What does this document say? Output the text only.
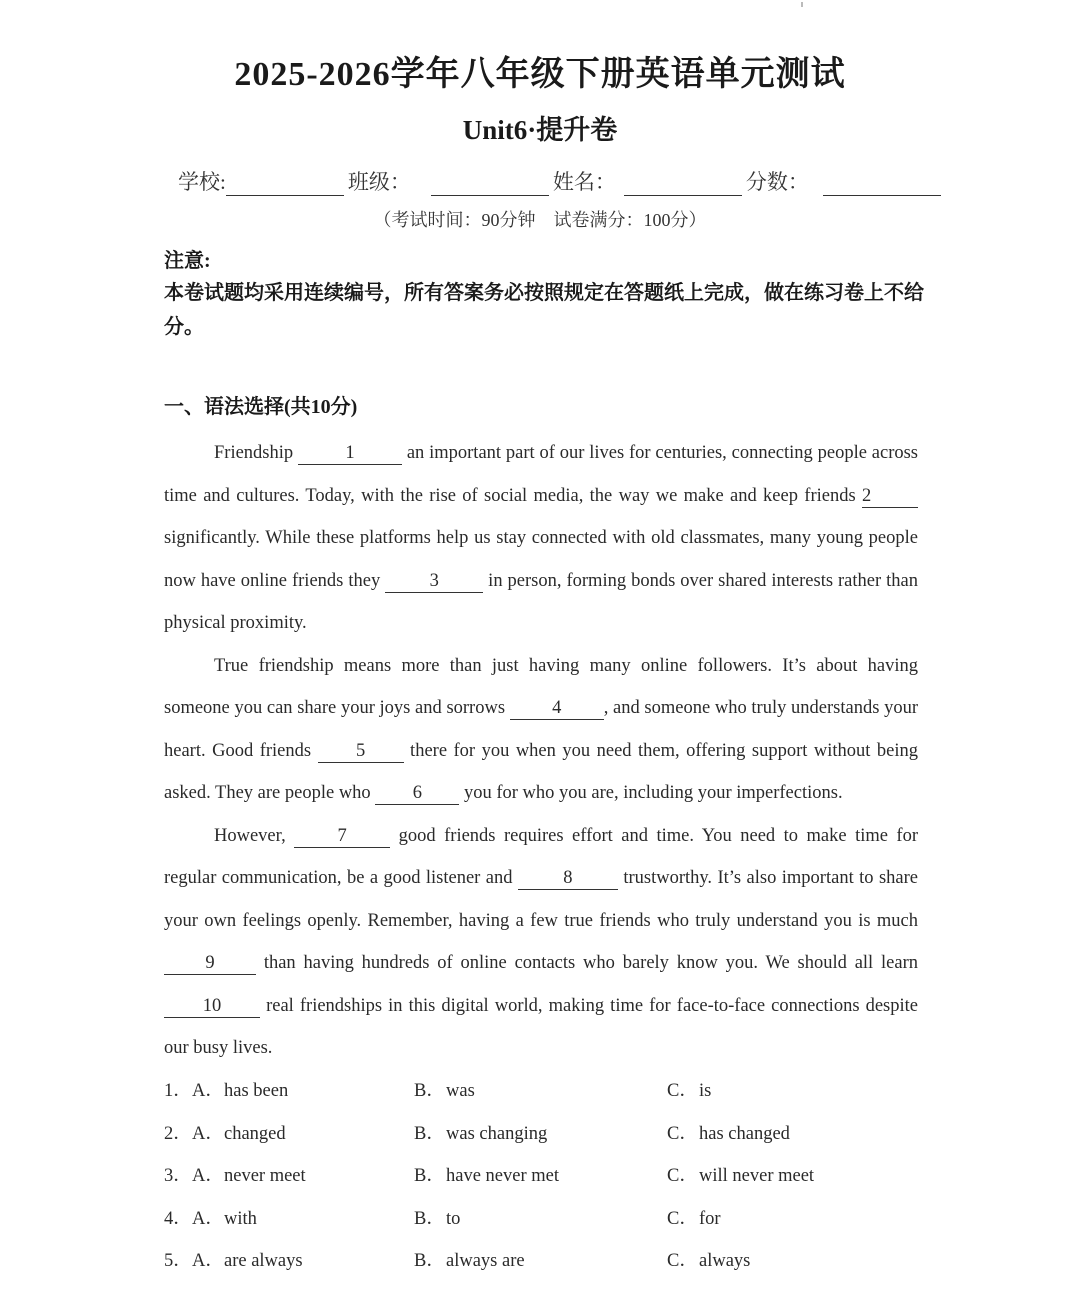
2025-2026学年八年级下册英语单元测试
Unit6·提升卷
学校:	班级：	姓名：	分数：
（考试时间：90分钟　试卷满分：100分）
注意:
本卷试题均采用连续编号，所有答案务必按照规定在答题纸上完成，做在练习卷上不给分。
一、语法选择(共10分)

Friendship	1	an important part of our lives for centuries, connecting people across time and cultures. Today, with the rise of social media, the way we make and keep friends 2 significantly. While these platforms help us stay connected with old classmates, many young people now have online friends they 3 in person, forming bonds over shared interests rather than physical proximity.

True friendship means more than just having many online followers. It’s about having someone you can share your joys and sorrows 4 , and someone who truly understands your heart. Good friends 5 there for you when you need them, offering support without being asked. They are people who 6 you for who you are, including your imperfections.

However, 7 good friends requires effort and time. You need to make time for regular communication, be a good listener and 8 trustworthy. It’s also important to share your own feelings openly. Remember, having a few true friends who truly understand you is much 9 than having hundreds of online contacts who barely know you. We should all learn 10 real friendships in this digital world, making time for face-to-face connections despite our busy lives.

1． A．has been	B．was	C．is
2． A．changed	B．was changing	C．has changed
3． A．never meet	B．have never met	C．will never meet
4． A．with	B．to	C．for
5． A．are always	B．always are	C．always
